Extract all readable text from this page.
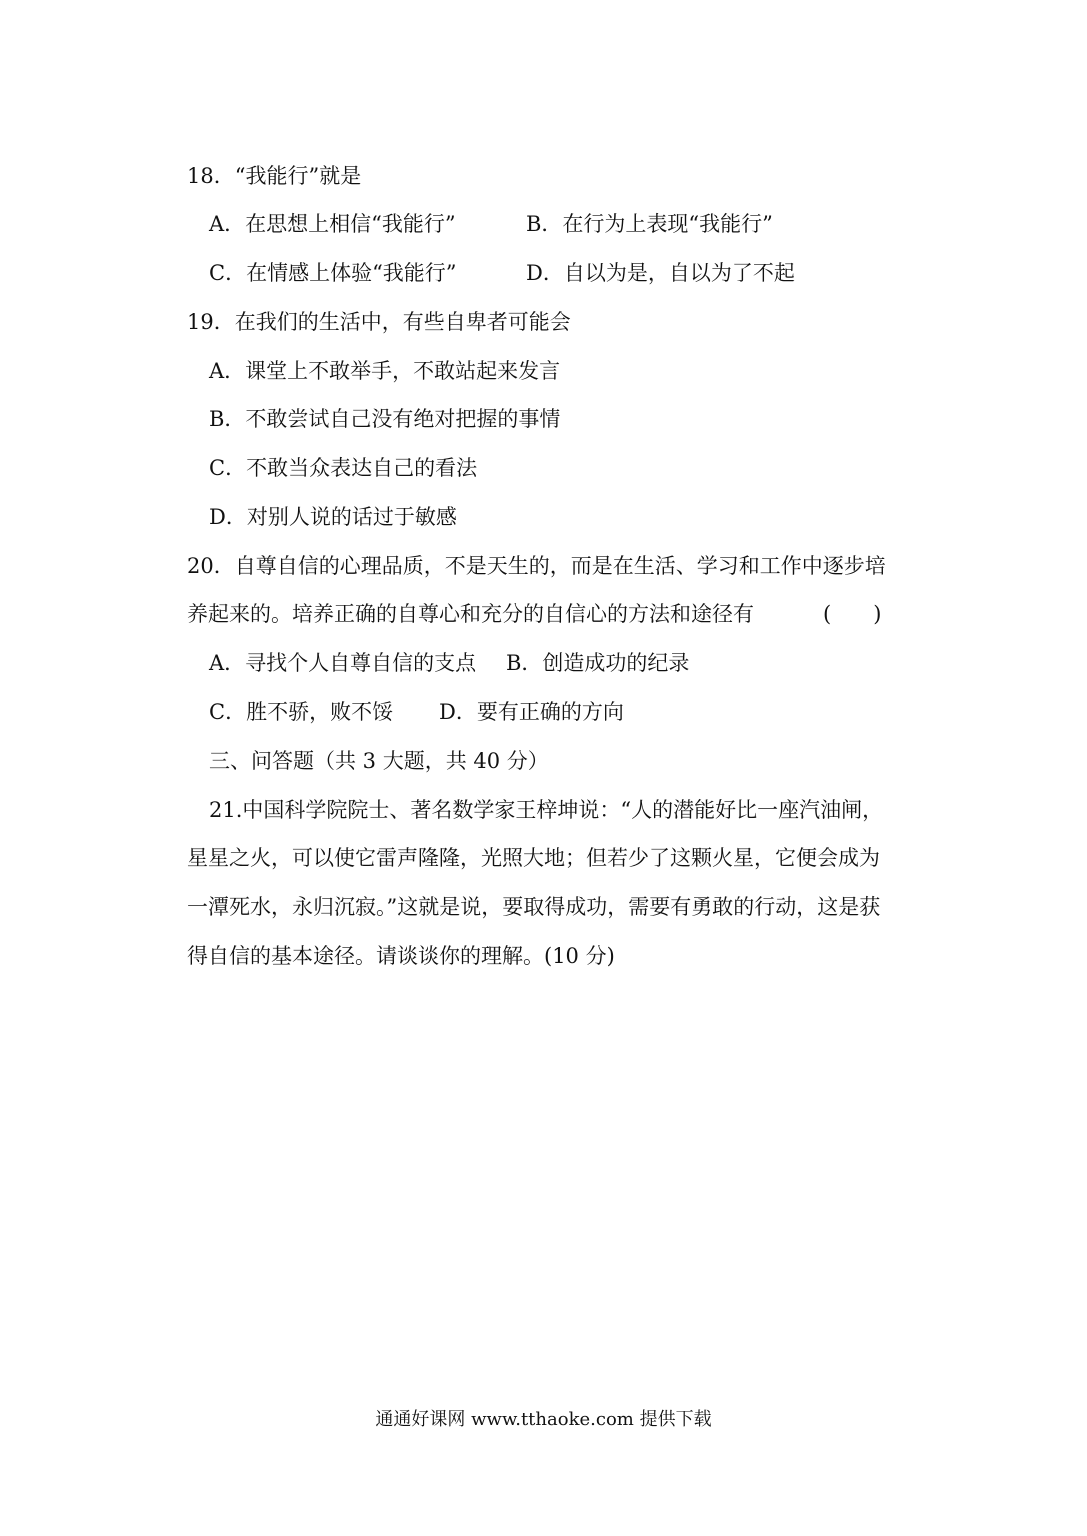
18．“我能行”就是
A．在思想上相信“我能行”	B．在行为上表现“我能行”
C．在情感上体验“我能行”	D．自以为是，自以为了不起
19．在我们的生活中，有些自卑者可能会
A．课堂上不敢举手，不敢站起来发言
B．不敢尝试自己没有绝对把握的事情
C．不敢当众表达自己的看法
D．对别人说的话过于敏感
20．自尊自信的心理品质，不是天生的，而是在生活、学习和工作中逐步培
养起来的。培养正确的自尊心和充分的自信心的方法和途径有	(　　)
A．寻找个人自尊自信的支点 B．创造成功的纪录
C．胜不骄，败不馁 D．要有正确的方向
三、问答题（共 3 大题，共 40 分）
21.中国科学院院士、著名数学家王梓坤说：“人的潜能好比一座汽油闸，
星星之火，可以使它雷声隆隆，光照大地；但若少了这颗火星，它便会成为
一潭死水，永归沉寂。”这就是说，要取得成功，需要有勇敢的行动，这是获
得自信的基本途径。请谈谈你的理解。(10 分)
通通好课网 www.tthaoke.com 提供下载
